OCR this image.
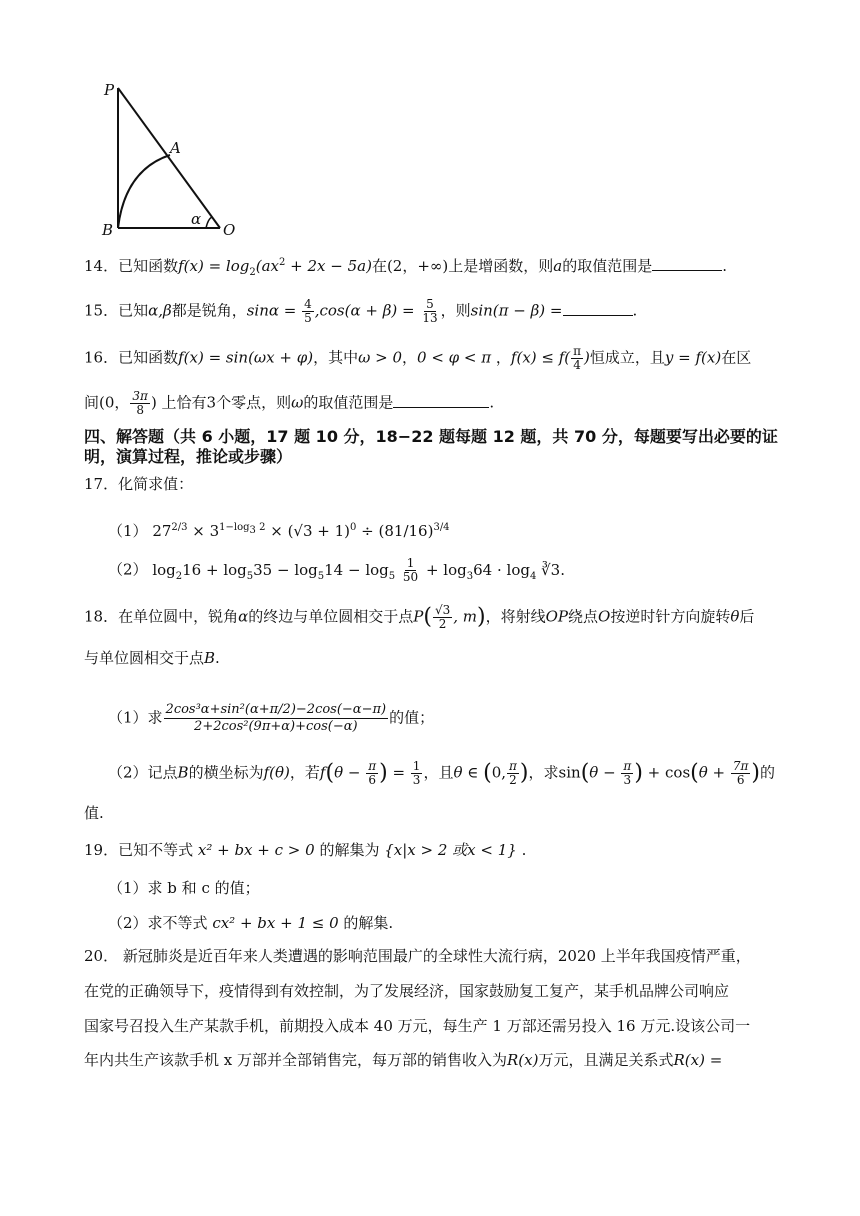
P
A
B	O
α
14．已知函数$f(x) = \log_2(ax^2 + 2x - 5a)$在(2，+∞)上是增函数，则a的取值范围是	.
15．已知α,β都是锐角，$\sin\alpha = \frac{4}{5} ,\cos(\alpha + \beta) = \frac{5}{13}$ ，则sin(π − β) =	.
16．已知函数f(x) = sin(ωx + φ)，其中ω > 0，0 < φ < π ，$f(x) \le f( \frac{\pi}{4}$ )恒成立，且y = f(x)在区
间(0， $\frac{3\pi}{8}$ ) 上恰有3个零点，则ω的取值范围是	.
四、解答题（共 6 小题，17 题 10 分，18−22 题每题 12 题，共 70 分，每题要写出必要的证
明，演算过程，推论或步骤）
17．化简求值：
（1） $27^{2/3} \times 3^{1-log_3 2} \times (√3 + 1)^0 \div (81/16)^{3/4}$
（2） $\log_216 + \log_535 - \log_514 - \log_5 \frac{1}{50} + \log_364 \cdot \log_4$ ∛3.
18．在单位圆中，锐角α的终边与单位圆相交于点$P( \frac{√3}{2}$ , m)，将射线OP绕点O按逆时针方向旋转θ后
与单位圆相交于点B.
（1）求 $\frac{\text{2cos³α+sin²(α+π/2)−2cos(−α−π)}}{\text{2+2cos²(9π+α)+cos(−α)}}$ 的值；
（2）记点B的横坐标为f(θ)，若$f(\theta - \frac{\pi}{6}$ ) = $\frac{1}{3}$ ，且θ ∈ (0, $\frac{\pi}{2}$ )，求$\sin(\theta - \frac{\pi}{3}$ ) + $\cos(\theta + \frac{7\pi}{6}$ )的
值.
19．已知不等式 x² + bx + c > 0 的解集为 {x|x > 2 或x < 1} .
（1）求 b 和 c 的值；
（2）求不等式 cx² + bx + 1 ≤ 0 的解集.
20． 新冠肺炎是近百年来人类遭遇的影响范围最广的全球性大流行病，2020 上半年我国疫情严重，
在党的正确领导下，疫情得到有效控制，为了发展经济，国家鼓励复工复产，某手机品牌公司响应
国家号召投入生产某款手机，前期投入成本 40 万元，每生产 1 万部还需另投入 16 万元.设该公司一
年内共生产该款手机 x 万部并全部销售完，每万部的销售收入为R(x)万元，且满足关系式R(x) =
